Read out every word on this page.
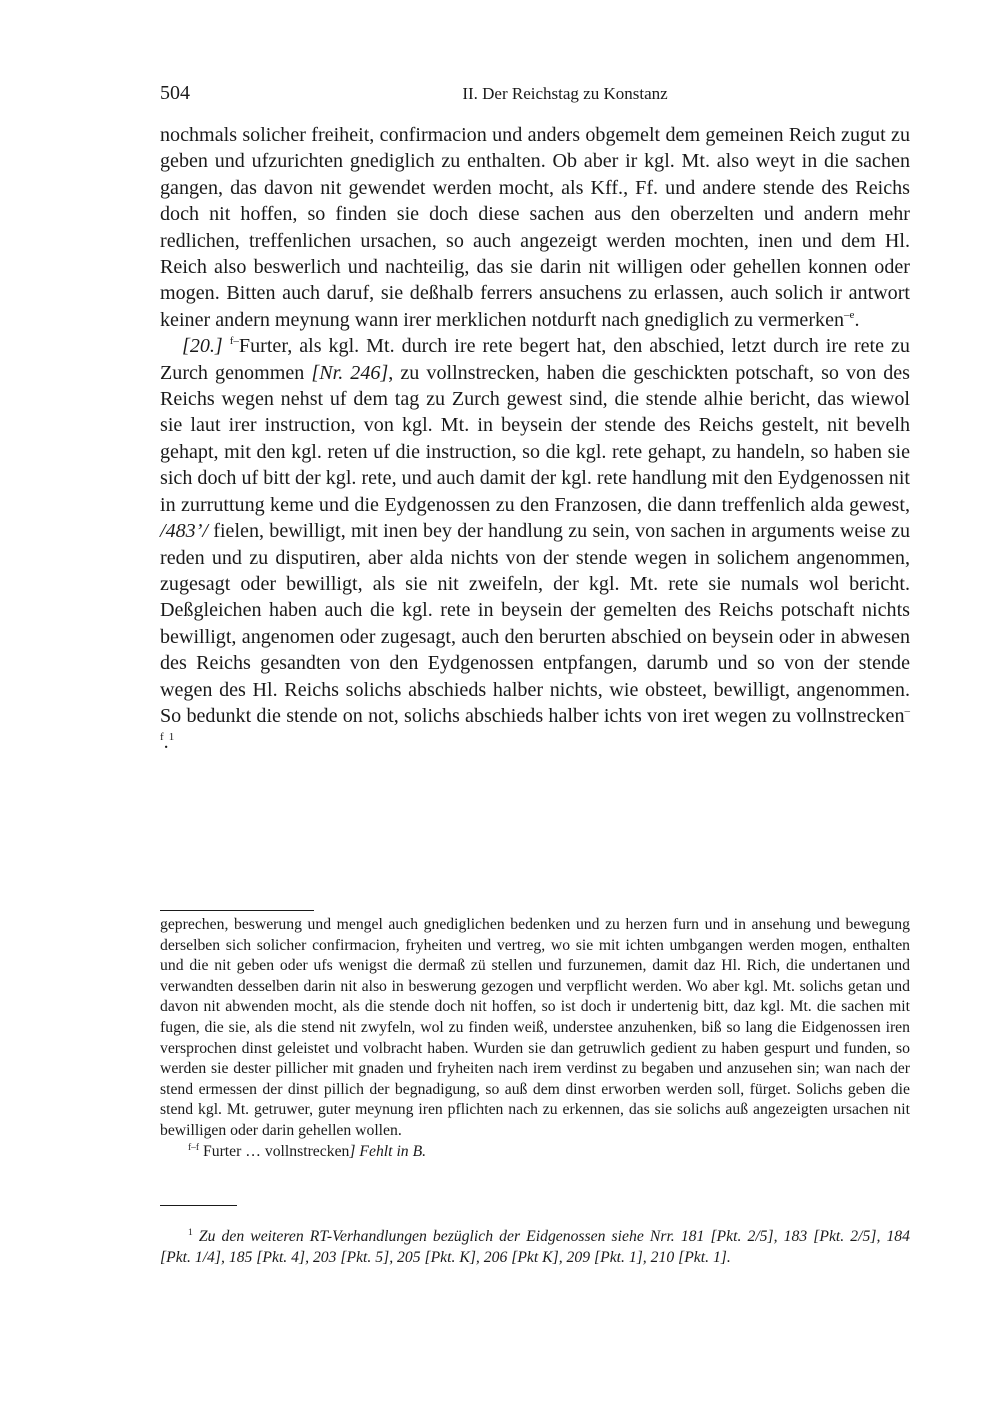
504	II. Der Reichstag zu Konstanz

nochmals solicher freiheit, confirmacion und anders obgemelt dem gemeinen Reich zugut zu geben und ufzurichten gnediglich zu enthalten. Ob aber ir kgl. Mt. also weyt in die sachen gangen, das davon nit gewendet werden mocht, als Kff., Ff. und andere stende des Reichs doch nit hoffen, so finden sie doch diese sachen aus den oberzelten und andern mehr redlichen, treffenlichen ursachen, so auch angezeigt werden mochten, inen und dem Hl. Reich also beswerlich und nachteilig, das sie darin nit willigen oder gehellen konnen oder mogen. Bitten auch daruf, sie deßhalb ferrers ansuchens zu erlassen, auch solich ir antwort keiner andern meynung wann irer merklichen notdurft nach gnediglich zu vermerken$^{-e}$.

[20.] $^{f-}$Furter, als kgl. Mt. durch ire rete begert hat, den abschied, letzt durch ire rete zu Zurch genommen [Nr. 246], zu vollnstrecken, haben die geschickten potschaft, so von des Reichs wegen nehst uf dem tag zu Zurch gewest sind, die stende alhie bericht, das wiewol sie laut irer instruction, von kgl. Mt. in beysein der stende des Reichs gestelt, nit bevelh gehapt, mit den kgl. reten uf die instruction, so die kgl. rete gehapt, zu handeln, so haben sie sich doch uf bitt der kgl. rete, und auch damit der kgl. rete handlung mit den Eydgenossen nit in zurruttung keme und die Eydgenossen zu den Franzosen, die dann treffenlich alda gewest, /483’/ fielen, bewilligt, mit inen bey der handlung zu sein, von sachen in arguments weise zu reden und zu disputiren, aber alda nichts von der stende wegen in solichem angenommen, zugesagt oder bewilligt, als sie nit zweifeln, der kgl. Mt. rete sie numals wol bericht. Deßgleichen haben auch die kgl. rete in beysein der gemelten des Reichs potschaft nichts bewilligt, angenomen oder zugesagt, auch den berurten abschied on beysein oder in abwesen des Reichs gesandten von den Eydgenossen entpfangen, darumb und so von der stende wegen des Hl. Reichs solichs abschieds halber nichts, wie obsteet, bewilligt, angenommen. So bedunkt die stende on not, solichs abschieds halber ichts von iret wegen zu vollnstrecken$^{-f}$.$^1$

geprechen, beswerung und mengel auch gnediglichen bedenken und zu herzen furn und in ansehung und bewegung derselben sich solicher confirmacion, fryheiten und vertreg, wo sie mit ichten umbgangen werden mogen, enthalten und die nit geben oder ufs wenigst die dermaß zü stellen und furzunemen, damit daz Hl. Rich, die undertanen und verwandten desselben darin nit also in beswerung gezogen und verpflicht werden. Wo aber kgl. Mt. solichs getan und davon nit abwenden mocht, als die stende doch nit hoffen, so ist doch ir undertenig bitt, daz kgl. Mt. die sachen mit fugen, die sie, als die stend nit zwyfeln, wol zu finden weiß, understee anzuhenken, biß so lang die Eidgenossen iren versprochen dinst geleistet und volbracht haben. Wurden sie dan getruwlich gedient zu haben gespurt und funden, so werden sie dester pillicher mit gnaden und fryheiten nach irem verdinst zu begaben und anzusehen sin; wan nach der stend ermessen der dinst pillich der begnadigung, so auß dem dinst erworben werden soll, fürget. Solichs geben die stend kgl. Mt. getruwer, guter meynung iren pflichten nach zu erkennen, das sie solichs auß angezeigten ursachen nit bewilligen oder darin gehellen wollen.

$^{f-f}$ Furter … vollnstrecken] Fehlt in B.

$^1$ Zu den weiteren RT-Verhandlungen bezüglich der Eidgenossen siehe Nrr. 181 [Pkt. 2/5], 183 [Pkt. 2/5], 184 [Pkt. 1/4], 185 [Pkt. 4], 203 [Pkt. 5], 205 [Pkt. K], 206 [Pkt K], 209 [Pkt. 1], 210 [Pkt. 1].
